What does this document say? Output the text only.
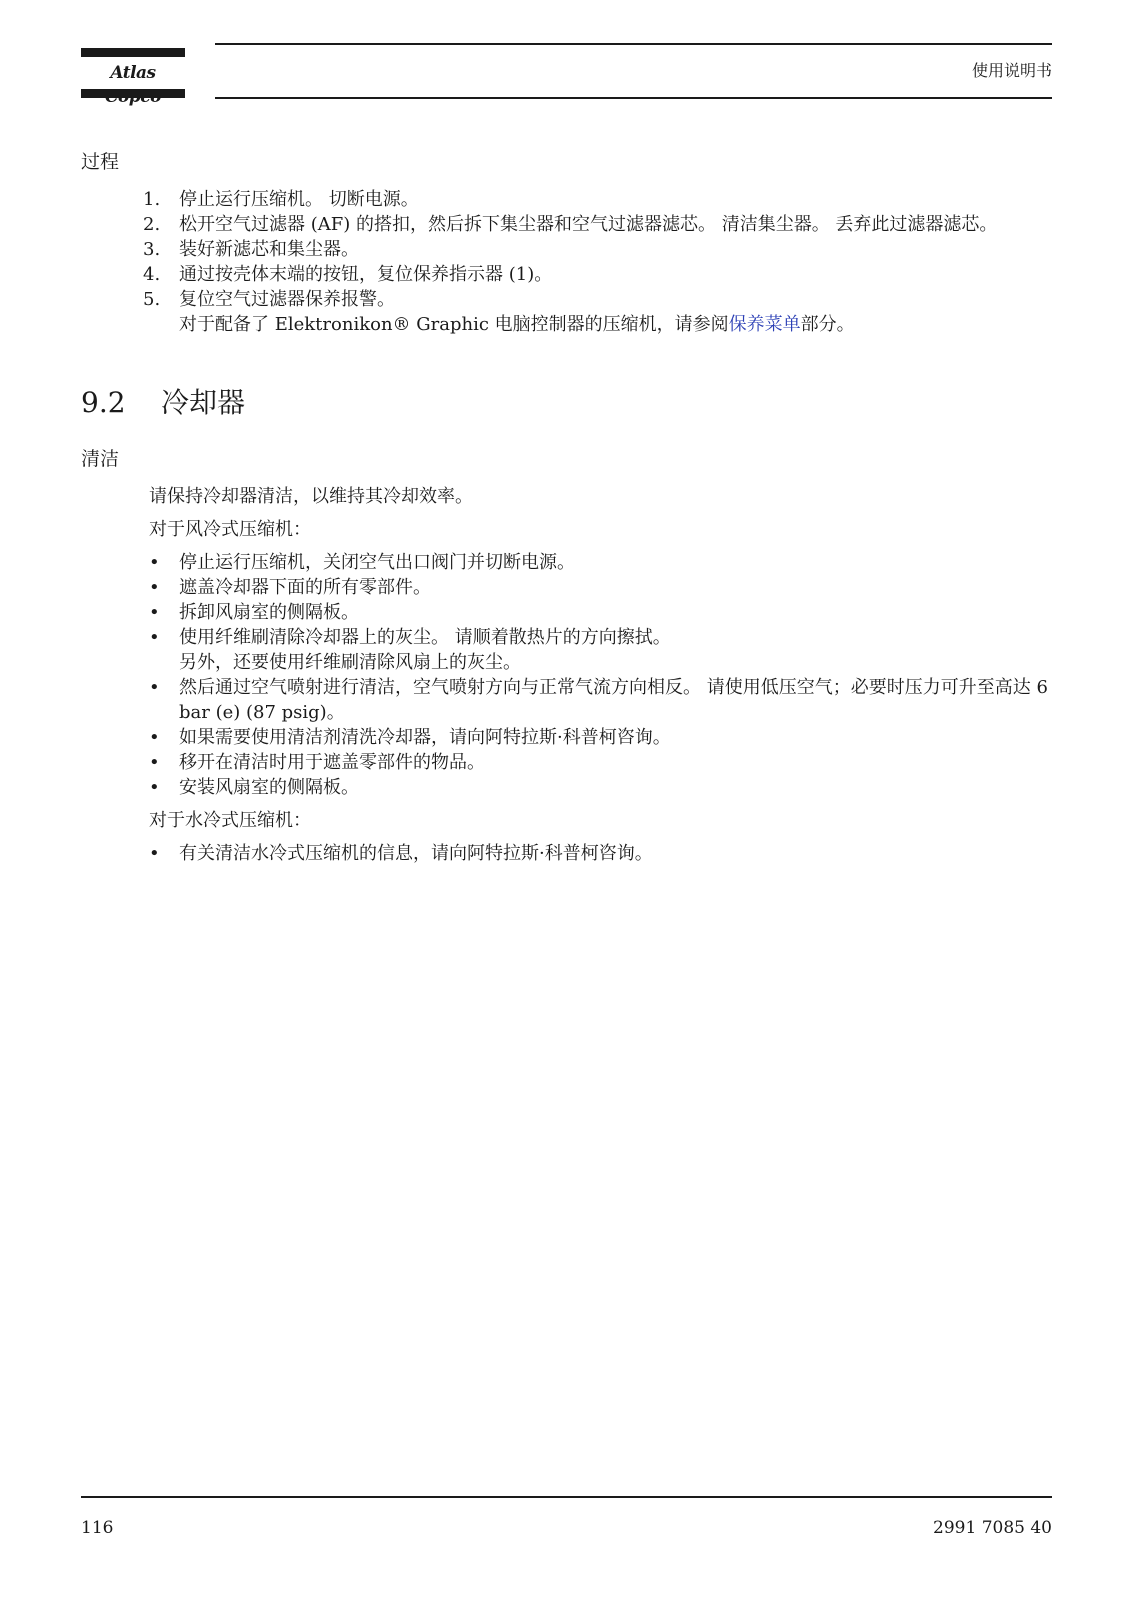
Atlas	使用说明书
过程
1. 停止运行压缩机。 切断电源。
2. 松开空气过滤器 (AF) 的搭扣，然后拆下集尘器和空气过滤器滤芯。 清洁集尘器。 丢弃此过滤器滤芯。
3. 装好新滤芯和集尘器。
4. 通过按壳体末端的按钮，复位保养指示器 (1)。
5. 复位空气过滤器保养报警。
对于配备了 Elektronikon® Graphic 电脑控制器的压缩机，请参阅保养菜单部分。
9.2 冷却器
清洁

请保持冷却器清洁，以维持其冷却效率。

对于风冷式压缩机：
• 停止运行压缩机，关闭空气出口阀门并切断电源。
• 遮盖冷却器下面的所有零部件。
• 拆卸风扇室的侧隔板。
• 使用纤维刷清除冷却器上的灰尘。 请顺着散热片的方向擦拭。
另外，还要使用纤维刷清除风扇上的灰尘。
• 然后通过空气喷射进行清洁，空气喷射方向与正常气流方向相反。 请使用低压空气；必要时压力可升至高达 6 bar (e) (87 psig)。
• 如果需要使用清洁剂清洗冷却器，请向阿特拉斯·科普柯咨询。
• 移开在清洁时用于遮盖零部件的物品。
• 安装风扇室的侧隔板。
对于水冷式压缩机：
• 有关清洁水冷式压缩机的信息，请向阿特拉斯·科普柯咨询。
116	2991 7085 40
